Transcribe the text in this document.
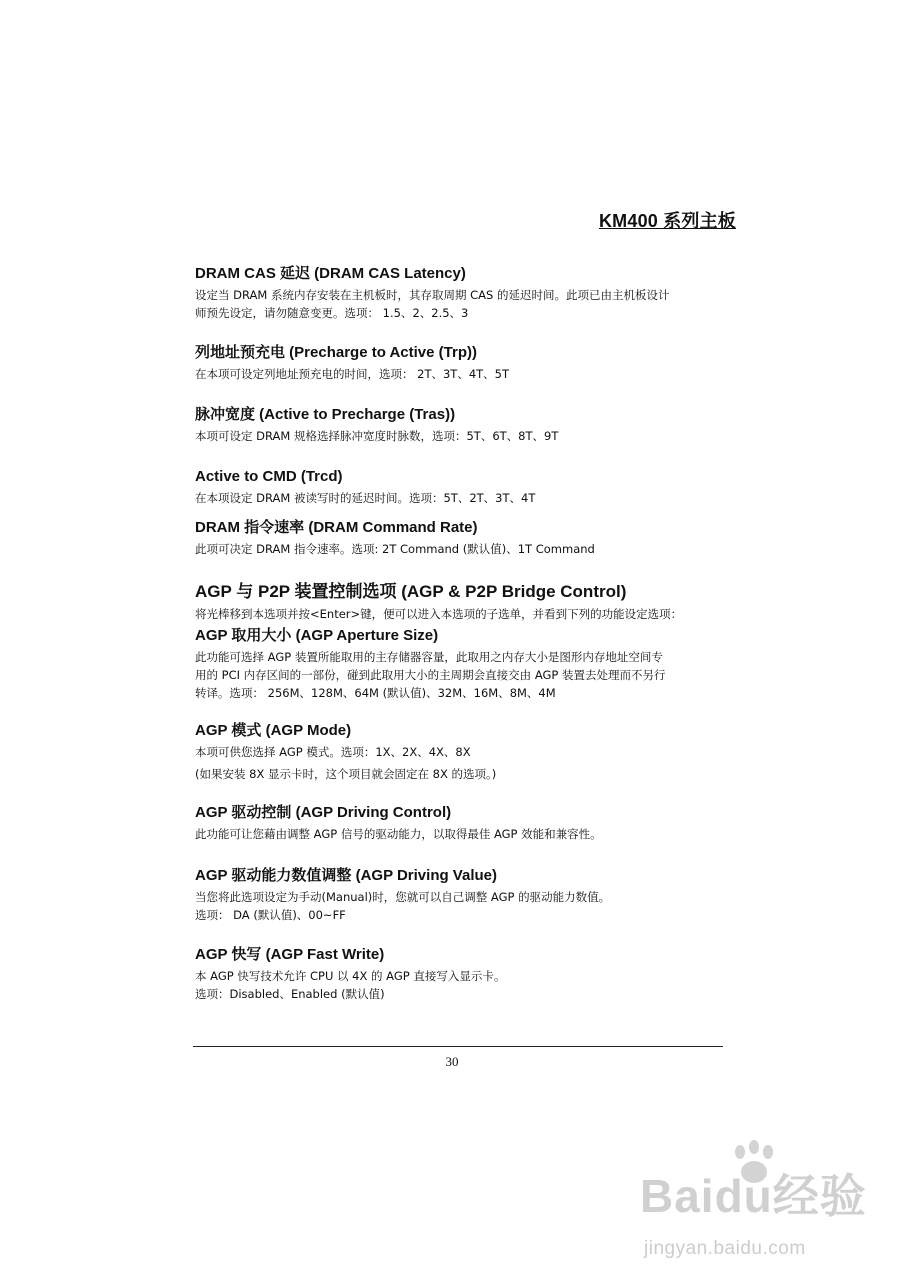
KM400 系列主板
DRAM CAS 延迟 (DRAM CAS Latency)
设定当 DRAM 系统内存安装在主机板时，其存取周期 CAS 的延迟时间。此项已由主机板设计
师预先设定，请勿随意变更。选项： 1.5、2、2.5、3
列地址预充电 (Precharge to Active (Trp))
在本项可设定列地址预充电的时间，选项： 2T、3T、4T、5T
脉冲宽度 (Active to Precharge (Tras))
本项可设定 DRAM 规格选择脉冲宽度时脉数，选项：5T、6T、8T、9T
Active to CMD (Trcd)
在本项设定 DRAM 被读写时的延迟时间。选项：5T、2T、3T、4T
DRAM 指令速率 (DRAM Command Rate)
此项可决定 DRAM 指令速率。选项: 2T Command (默认值)、1T Command
AGP 与 P2P 装置控制选项 (AGP & P2P Bridge Control)
将光棒移到本选项并按<Enter>键，便可以进入本选项的子选单，并看到下列的功能设定选项：
AGP 取用大小 (AGP Aperture Size)
此功能可选择 AGP 装置所能取用的主存储器容量，此取用之内存大小是图形内存地址空间专
用的 PCI 内存区间的一部份，碰到此取用大小的主周期会直接交由 AGP 装置去处理而不另行
转译。选项： 256M、128M、64M (默认值)、32M、16M、8M、4M
AGP 模式 (AGP Mode)
本项可供您选择 AGP 模式。选项：1X、2X、4X、8X
(如果安装 8X 显示卡时，这个项目就会固定在 8X 的选项。)
AGP 驱动控制 (AGP Driving Control)
此功能可让您藉由调整 AGP 信号的驱动能力，以取得最佳 AGP 效能和兼容性。
AGP 驱动能力数值调整 (AGP Driving Value)
当您将此选项设定为手动(Manual)时，您就可以自己调整 AGP 的驱动能力数值。
选项： DA (默认值)、00~FF
AGP 快写 (AGP Fast Write)
本 AGP 快写技术允许 CPU 以 4X 的 AGP 直接写入显示卡。
选项：Disabled、Enabled (默认值)
30
Baidu经验
jingyan.baidu.com
